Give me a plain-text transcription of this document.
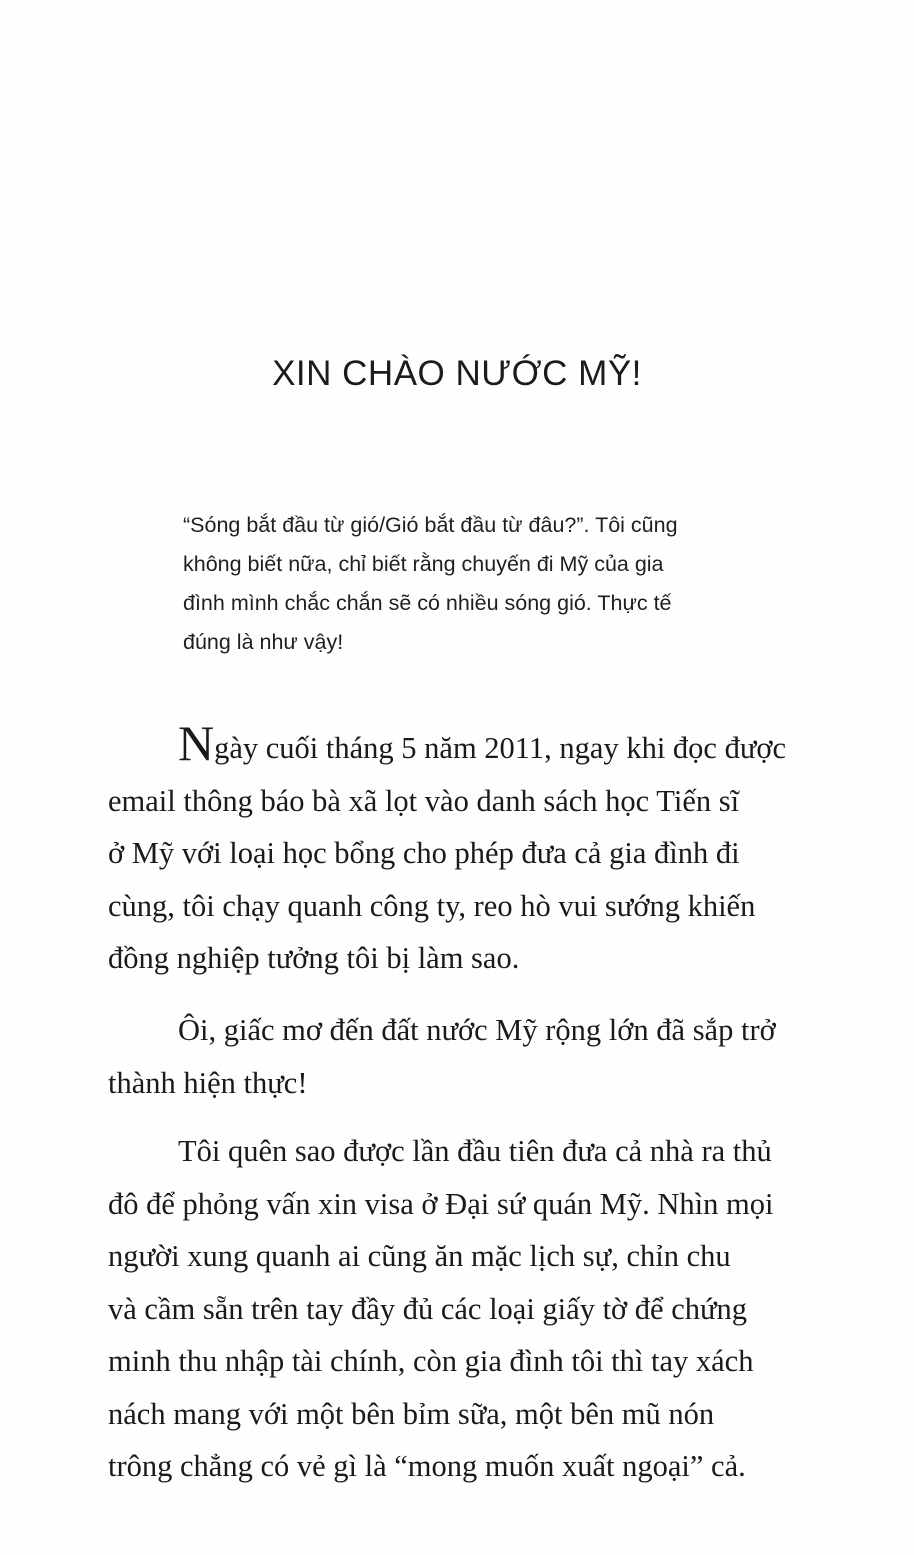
XIN CHÀO NƯỚC MỸ!
“Sóng bắt đầu từ gió/Gió bắt đầu từ đâu?”. Tôi cũng
không biết nữa, chỉ biết rằng chuyến đi Mỹ của gia
đình mình chắc chắn sẽ có nhiều sóng gió. Thực tế
đúng là như vậy!
Ngày cuối tháng 5 năm 2011, ngay khi đọc được
email thông báo bà xã lọt vào danh sách học Tiến sĩ
ở Mỹ với loại học bổng cho phép đưa cả gia đình đi
cùng, tôi chạy quanh công ty, reo hò vui sướng khiến
đồng nghiệp tưởng tôi bị làm sao.
Ôi, giấc mơ đến đất nước Mỹ rộng lớn đã sắp trở
thành hiện thực!
Tôi quên sao được lần đầu tiên đưa cả nhà ra thủ
đô để phỏng vấn xin visa ở Đại sứ quán Mỹ. Nhìn mọi
người xung quanh ai cũng ăn mặc lịch sự, chỉn chu
và cầm sẵn trên tay đầy đủ các loại giấy tờ để chứng
minh thu nhập tài chính, còn gia đình tôi thì tay xách
nách mang với một bên bỉm sữa, một bên mũ nón
trông chẳng có vẻ gì là “mong muốn xuất ngoại” cả.
